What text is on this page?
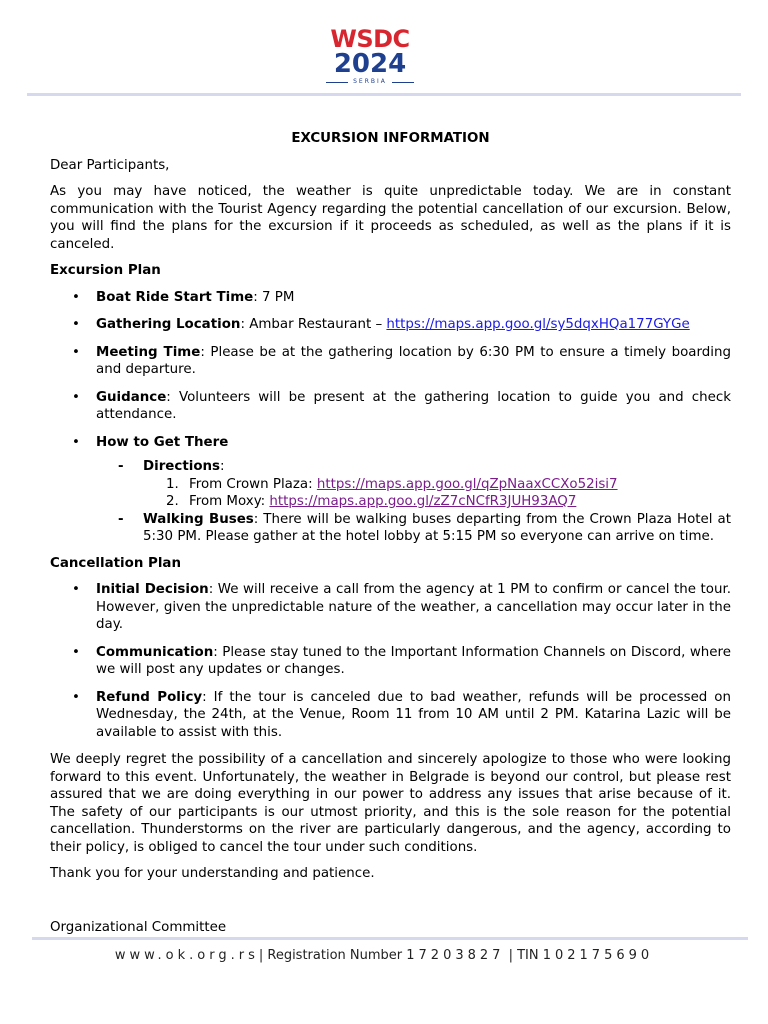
WSDC
2024
SERBIA

EXCURSION INFORMATION

Dear Participants,

As you may have noticed, the weather is quite unpredictable today. We are in constant communication with the Tourist Agency regarding the potential cancellation of our excursion. Below, you will find the plans for the excursion if it proceeds as scheduled, as well as the plans if it is canceled.

Excursion Plan

• Boat Ride Start Time: 7 PM
• Gathering Location: Ambar Restaurant – https://maps.app.goo.gl/sy5dqxHQa177GYGe
• Meeting Time: Please be at the gathering location by 6:30 PM to ensure a timely boarding and departure.
• Guidance: Volunteers will be present at the gathering location to guide you and check attendance.
• How to Get There
- Directions:
1. From Crown Plaza: https://maps.app.goo.gl/qZpNaaxCCXo52isi7
2. From Moxy: https://maps.app.goo.gl/zZ7cNCfR3JUH93AQ7
- Walking Buses: There will be walking buses departing from the Crown Plaza Hotel at 5:30 PM. Please gather at the hotel lobby at 5:15 PM so everyone can arrive on time.

Cancellation Plan

• Initial Decision: We will receive a call from the agency at 1 PM to confirm or cancel the tour. However, given the unpredictable nature of the weather, a cancellation may occur later in the day.
• Communication: Please stay tuned to the Important Information Channels on Discord, where we will post any updates or changes.
• Refund Policy: If the tour is canceled due to bad weather, refunds will be processed on Wednesday, the 24th, at the Venue, Room 11 from 10 AM until 2 PM. Katarina Lazic will be available to assist with this.

We deeply regret the possibility of a cancellation and sincerely apologize to those who were looking forward to this event. Unfortunately, the weather in Belgrade is beyond our control, but please rest assured that we are doing everything in our power to address any issues that arise because of it. The safety of our participants is our utmost priority, and this is the sole reason for the potential cancellation. Thunderstorms on the river are particularly dangerous, and the agency, according to their policy, is obliged to cancel the tour under such conditions.

Thank you for your understanding and patience.

Organizational Committee

www.ok.org.rs| Registration Number 17203827 | TIN 102175690
